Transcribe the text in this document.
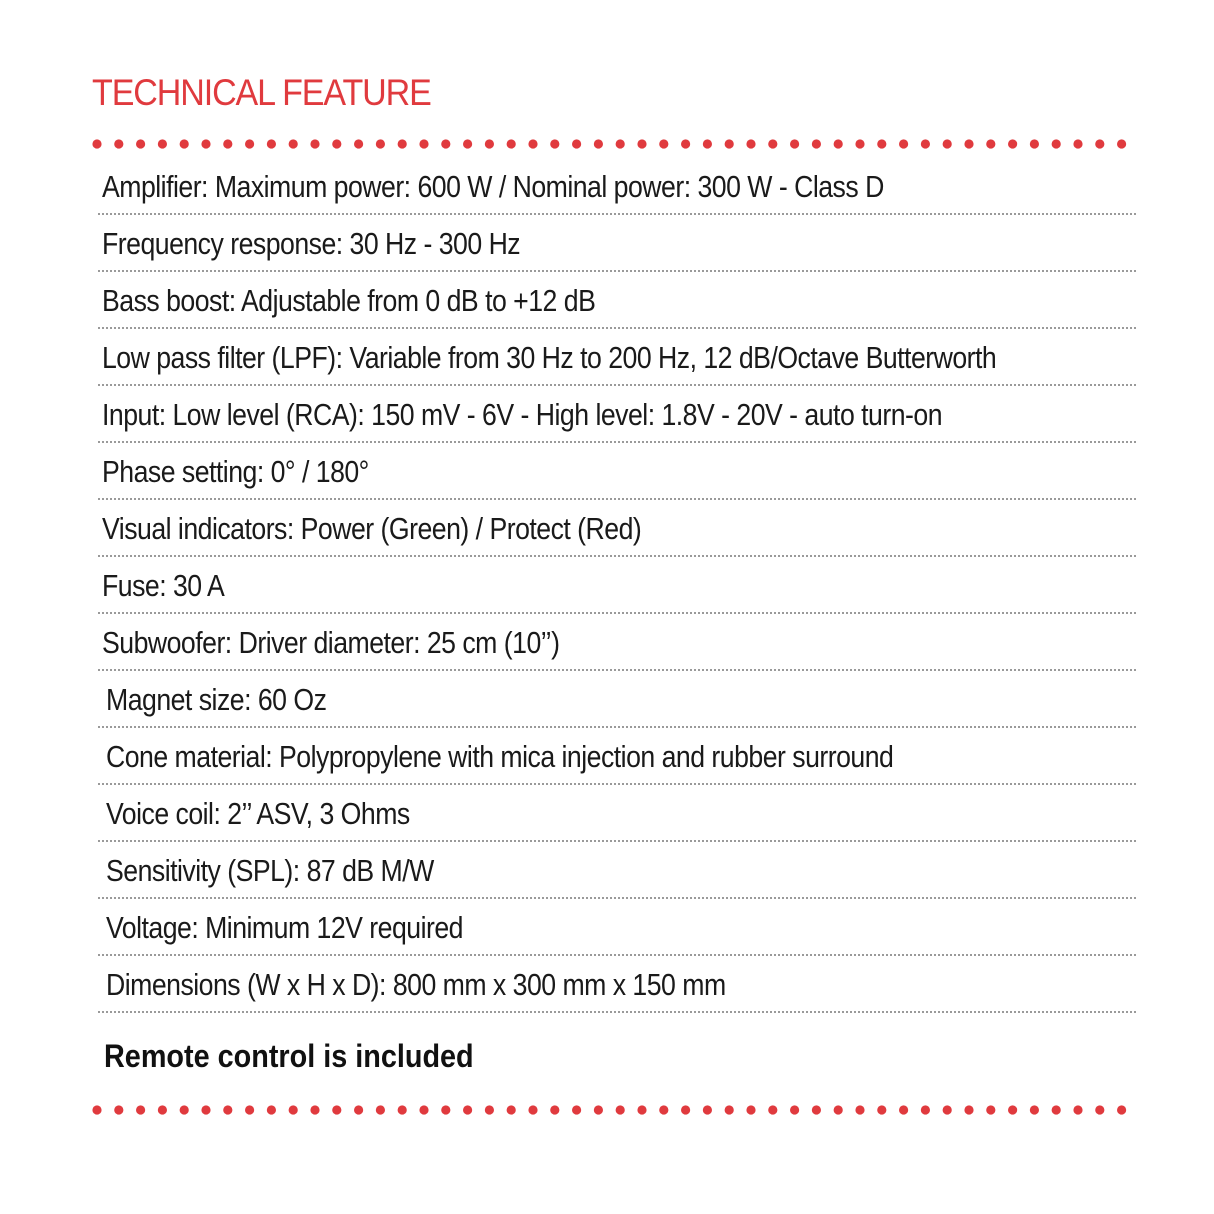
TECHNICAL FEATURE
Amplifier: Maximum power: 600 W / Nominal power: 300 W - Class D
Frequency response: 30 Hz - 300 Hz
Bass boost: Adjustable from 0 dB to +12 dB
Low pass filter (LPF): Variable from 30 Hz to 200 Hz, 12 dB/Octave Butterworth
Input: Low level (RCA): 150 mV - 6V - High level: 1.8V - 20V - auto turn-on
Phase setting: 0° / 180°
Visual indicators: Power (Green) / Protect (Red)
Fuse: 30 A
Subwoofer: Driver diameter: 25 cm (10’’)
Magnet size: 60 Oz
Cone material: Polypropylene with mica injection and rubber surround
Voice coil: 2’’ ASV, 3 Ohms
Sensitivity (SPL): 87 dB M/W
Voltage: Minimum 12V required
Dimensions (W x H x D): 800 mm x 300 mm x 150 mm
Remote control is included
